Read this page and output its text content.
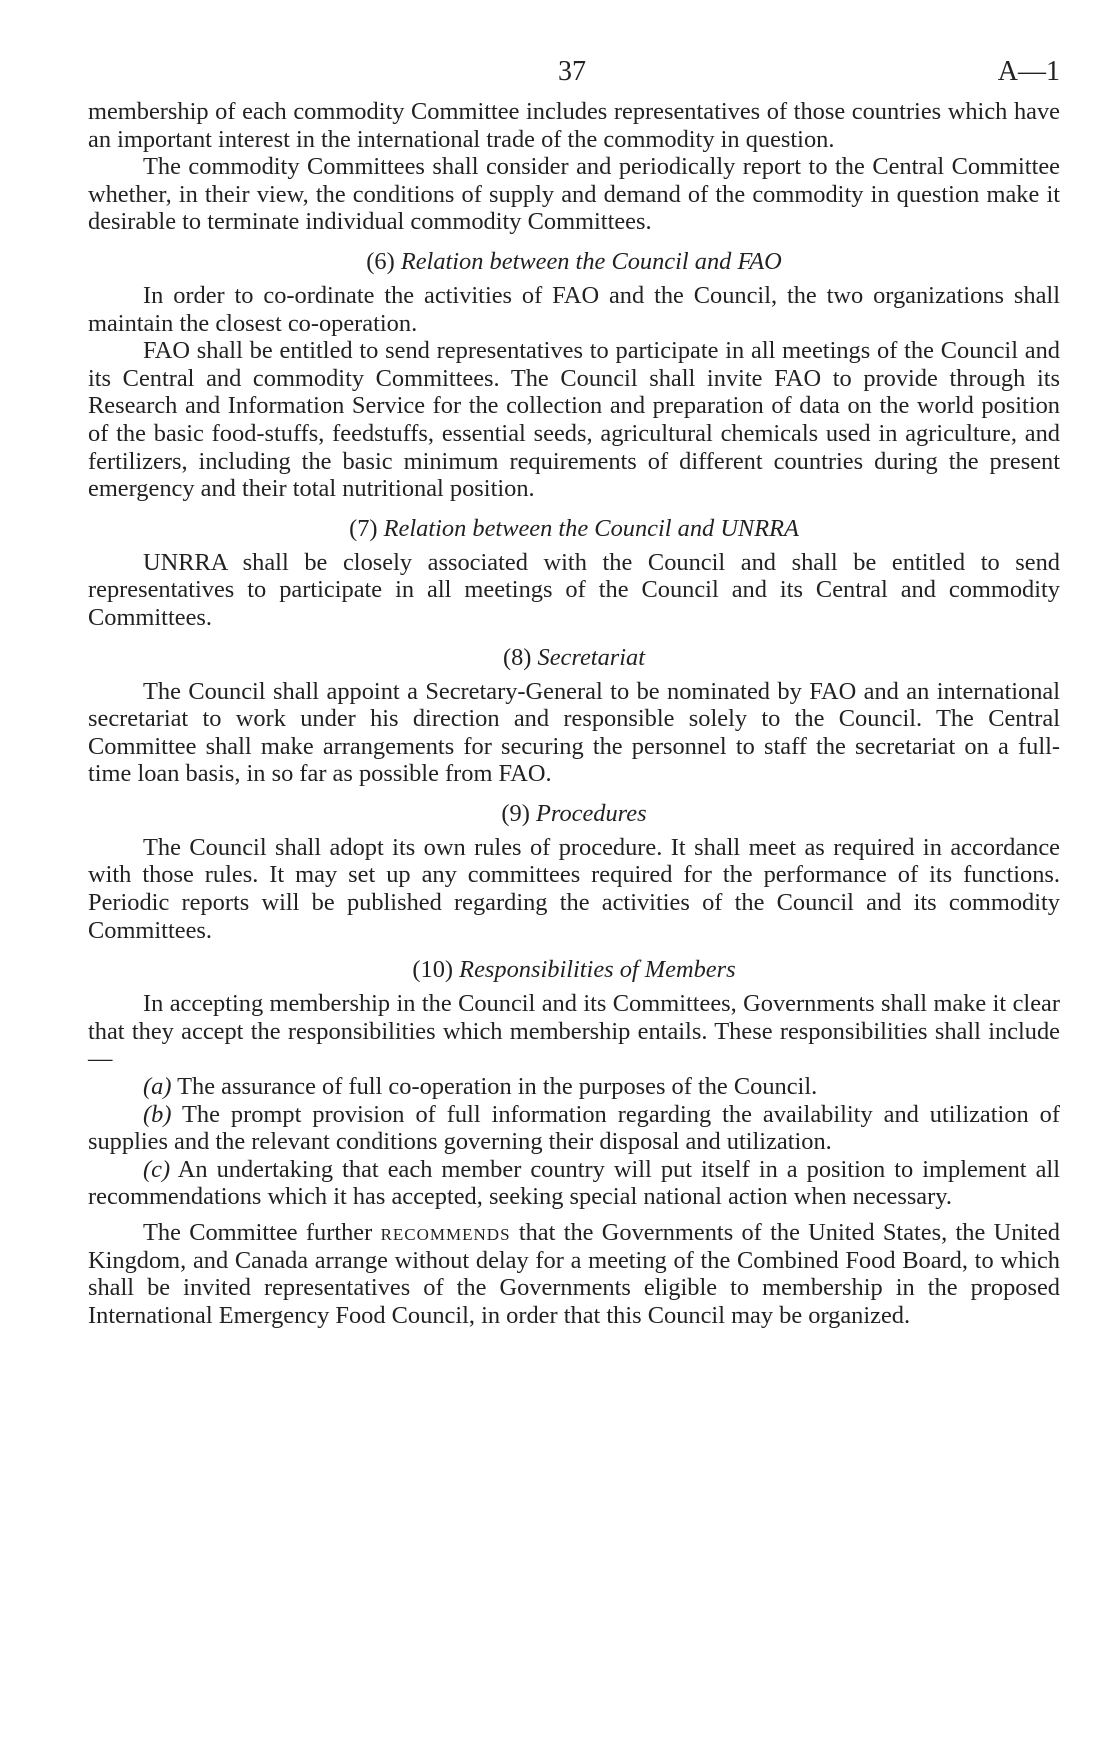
37	A—1

membership of each commodity Committee includes representatives of those countries which have an important interest in the international trade of the commodity in question.

The commodity Committees shall consider and periodically report to the Central Committee whether, in their view, the conditions of supply and demand of the commodity in question make it desirable to terminate individual commodity Committees.

(6) Relation between the Council and FAO

In order to co-ordinate the activities of FAO and the Council, the two organizations shall maintain the closest co-operation.

FAO shall be entitled to send representatives to participate in all meetings of the Council and its Central and commodity Committees. The Council shall invite FAO to provide through its Research and Information Service for the collection and preparation of data on the world position of the basic food-stuffs, feedstuffs, essential seeds, agricultural chemicals used in agriculture, and fertilizers, including the basic minimum requirements of different countries during the present emergency and their total nutritional position.

(7) Relation between the Council and UNRRA

UNRRA shall be closely associated with the Council and shall be entitled to send representatives to participate in all meetings of the Council and its Central and commodity Committees.

(8) Secretariat

The Council shall appoint a Secretary-General to be nominated by FAO and an international secretariat to work under his direction and responsible solely to the Council. The Central Committee shall make arrangements for securing the personnel to staff the secretariat on a full-time loan basis, in so far as possible from FAO.

(9) Procedures

The Council shall adopt its own rules of procedure. It shall meet as required in accordance with those rules. It may set up any committees required for the performance of its functions. Periodic reports will be published regarding the activities of the Council and its commodity Committees.

(10) Responsibilities of Members

In accepting membership in the Council and its Committees, Governments shall make it clear that they accept the responsibilities which membership entails. These responsibilities shall include—

(a) The assurance of full co-operation in the purposes of the Council.

(b) The prompt provision of full information regarding the availability and utilization of supplies and the relevant conditions governing their disposal and utilization.

(c) An undertaking that each member country will put itself in a position to implement all recommendations which it has accepted, seeking special national action when necessary.

The Committee further recommends that the Governments of the United States, the United Kingdom, and Canada arrange without delay for a meeting of the Combined Food Board, to which shall be invited representatives of the Governments eligible to membership in the proposed International Emergency Food Council, in order that this Council may be organized.
